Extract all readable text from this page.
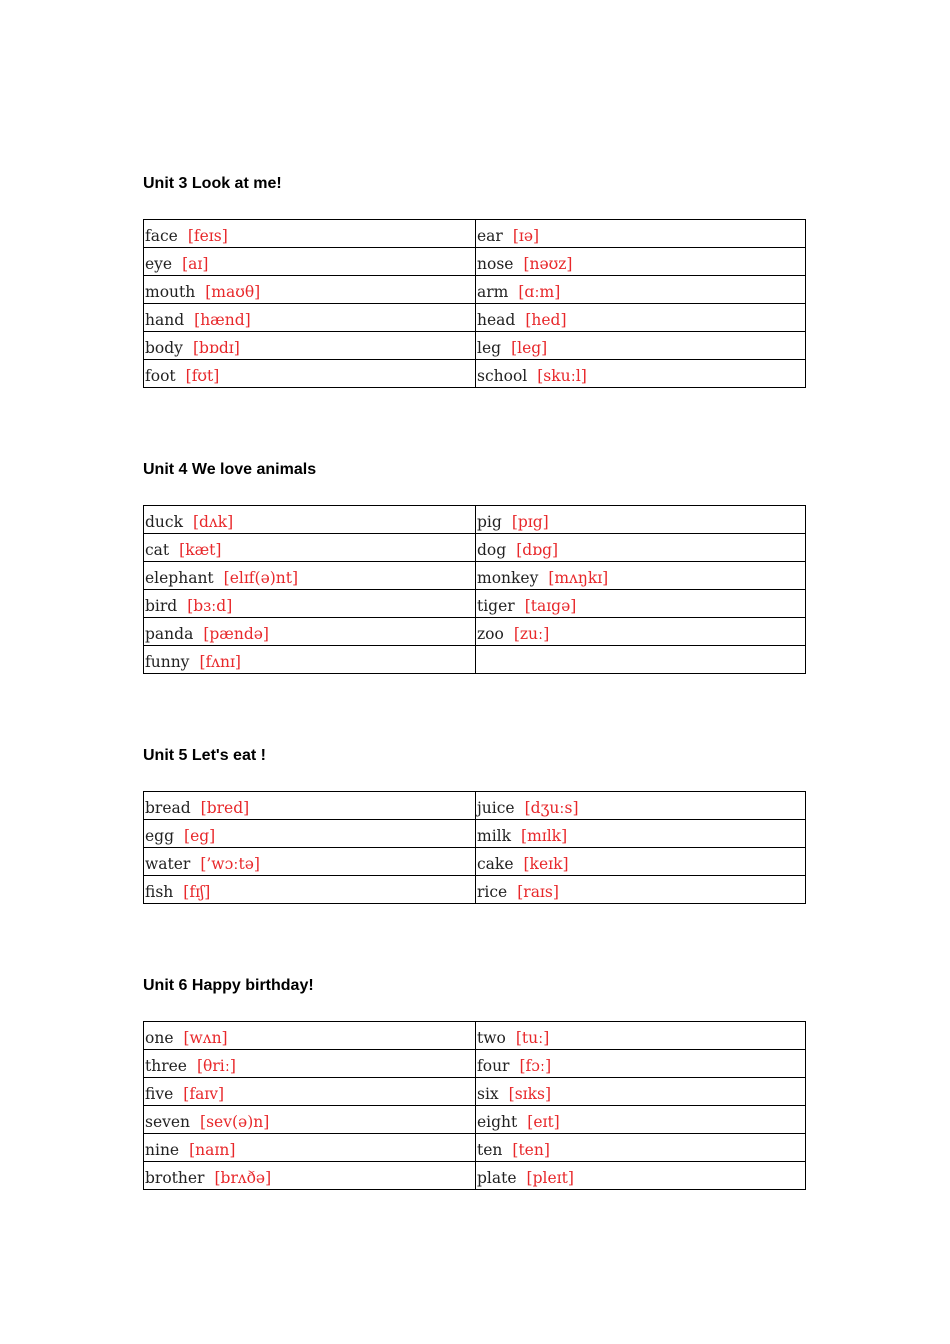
Unit 3 Look at me!
face [feɪs]	ear [ɪə]
eye [aɪ]	nose [nəʊz]
mouth [maʊθ]	arm [ɑːm]
hand [hænd]	head [hed]
body [bɒdɪ]	leg [leg]
foot [fʊt]	school [skuːl]
Unit 4 We love animals
duck [dʌk]	pig [pɪg]
cat [kæt]	dog [dɒg]
elephant [elɪf(ə)nt]	monkey [mʌŋkɪ]
bird [bɜːd]	tiger [taɪgə]
panda [pændə]	zoo [zuː]
funny [fʌnɪ]	
Unit 5 Let's eat !
bread [bred]	juice [dʒuːs]
egg [eg]	milk [mɪlk]
water [’wɔːtə]	cake [keɪk]
fish [fɪʃ]	rice [raɪs]
Unit 6 Happy birthday!
one [wʌn]	two [tuː]
three [θriː]	four [fɔː]
five [faɪv]	six [sɪks]
seven [sev(ə)n]	eight [eɪt]
nine [naɪn]	ten [ten]
brother [brʌðə]	plate [pleɪt]
